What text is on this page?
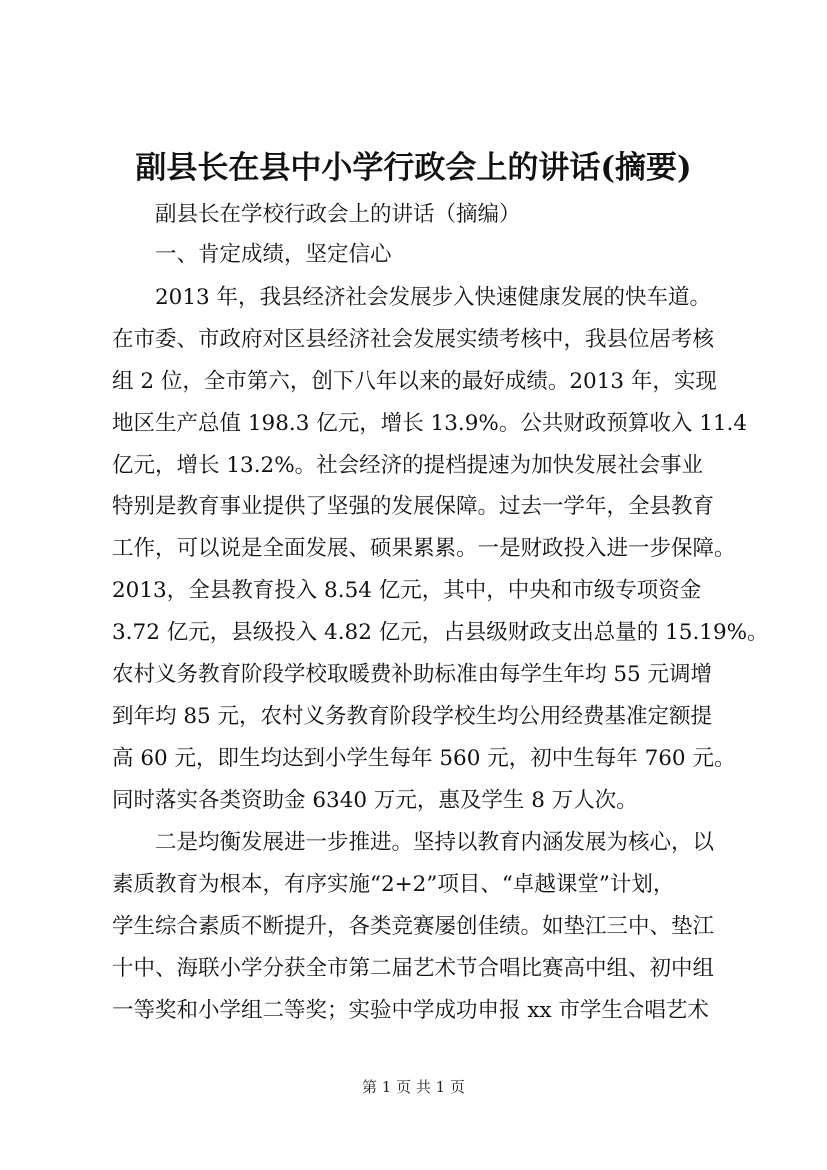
副县长在县中小学行政会上的讲话(摘要)

副县长在学校行政会上的讲话（摘编）

一、肯定成绩，坚定信心

2013 年，我县经济社会发展步入快速健康发展的快车道。

在市委、市政府对区县经济社会发展实绩考核中，我县位居考核

组 2 位，全市第六，创下八年以来的最好成绩。2013 年，实现

地区生产总值 198.3 亿元，增长 13.9%。公共财政预算收入 11.4

亿元，增长 13.2%。社会经济的提档提速为加快发展社会事业

特别是教育事业提供了坚强的发展保障。过去一学年，全县教育

工作，可以说是全面发展、硕果累累。一是财政投入进一步保障。

2013，全县教育投入 8.54 亿元，其中，中央和市级专项资金

3.72 亿元，县级投入 4.82 亿元，占县级财政支出总量的 15.19%。

农村义务教育阶段学校取暖费补助标准由每学生年均 55 元调增

到年均 85 元，农村义务教育阶段学校生均公用经费基准定额提

高 60 元，即生均达到小学生每年 560 元，初中生每年 760 元。

同时落实各类资助金 6340 万元，惠及学生 8 万人次。

二是均衡发展进一步推进。坚持以教育内涵发展为核心，以

素质教育为根本，有序实施“2+2”项目、“卓越课堂”计划，

学生综合素质不断提升，各类竞赛屡创佳绩。如垫江三中、垫江

十中、海联小学分获全市第二届艺术节合唱比赛高中组、初中组

一等奖和小学组二等奖；实验中学成功申报 xx 市学生合唱艺术

第 1 页 共 1 页
